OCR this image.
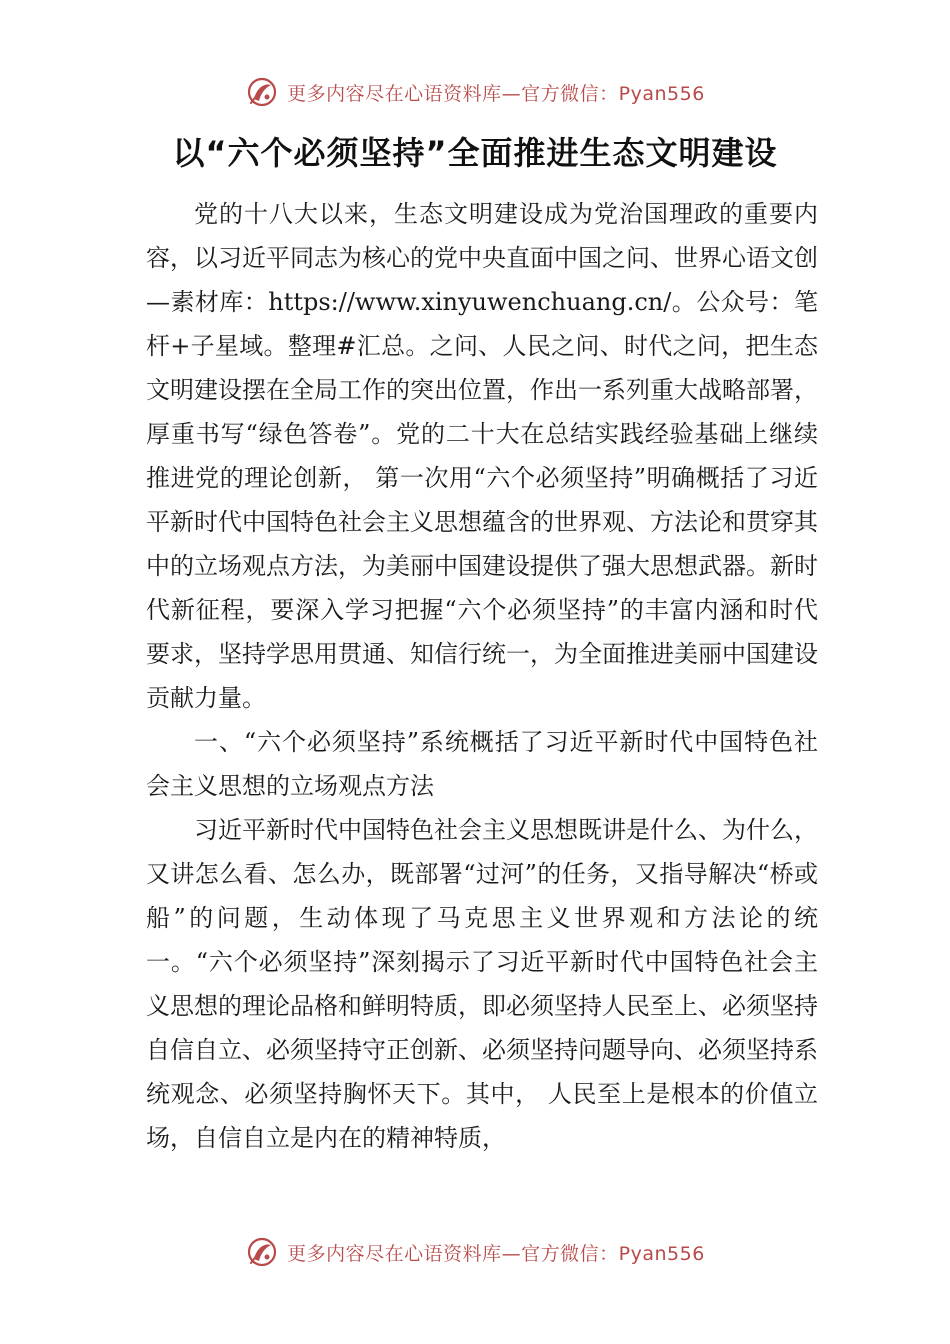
更多内容尽在心语资料库—官方微信：Pyan556
以“六个必须坚持”全面推进生态文明建设

党的十八大以来，生态文明建设成为党治国理政的重要内容，以习近平同志为核心的党中央直面中国之问、世界心语文创—素材库：https://www.xinyuwenchuang.cn/。公众号：笔杆+子星域。整理#汇总。之问、人民之问、时代之问，把生态文明建设摆在全局工作的突出位置，作出一系列重大战略部署，厚重书写“绿色答卷”。党的二十大在总结实践经验基础上继续推进党的理论创新， 第一次用“六个必须坚持”明确概括了习近平新时代中国特色社会主义思想蕴含的世界观、方法论和贯穿其中的立场观点方法，为美丽中国建设提供了强大思想武器。新时代新征程，要深入学习把握“六个必须坚持”的丰富内涵和时代要求，坚持学思用贯通、知信行统一，为全面推进美丽中国建设贡献力量。

一、“六个必须坚持”系统概括了习近平新时代中国特色社会主义思想的立场观点方法

习近平新时代中国特色社会主义思想既讲是什么、为什么，又讲怎么看、怎么办，既部署“过河”的任务，又指导解决“桥或船”的问题，生动体现了马克思主义世界观和方法论的统一。“六个必须坚持”深刻揭示了习近平新时代中国特色社会主义思想的理论品格和鲜明特质，即必须坚持人民至上、必须坚持自信自立、必须坚持守正创新、必须坚持问题导向、必须坚持系统观念、必须坚持胸怀天下。其中， 人民至上是根本的价值立场，自信自立是内在的精神特质，

更多内容尽在心语资料库—官方微信：Pyan556
